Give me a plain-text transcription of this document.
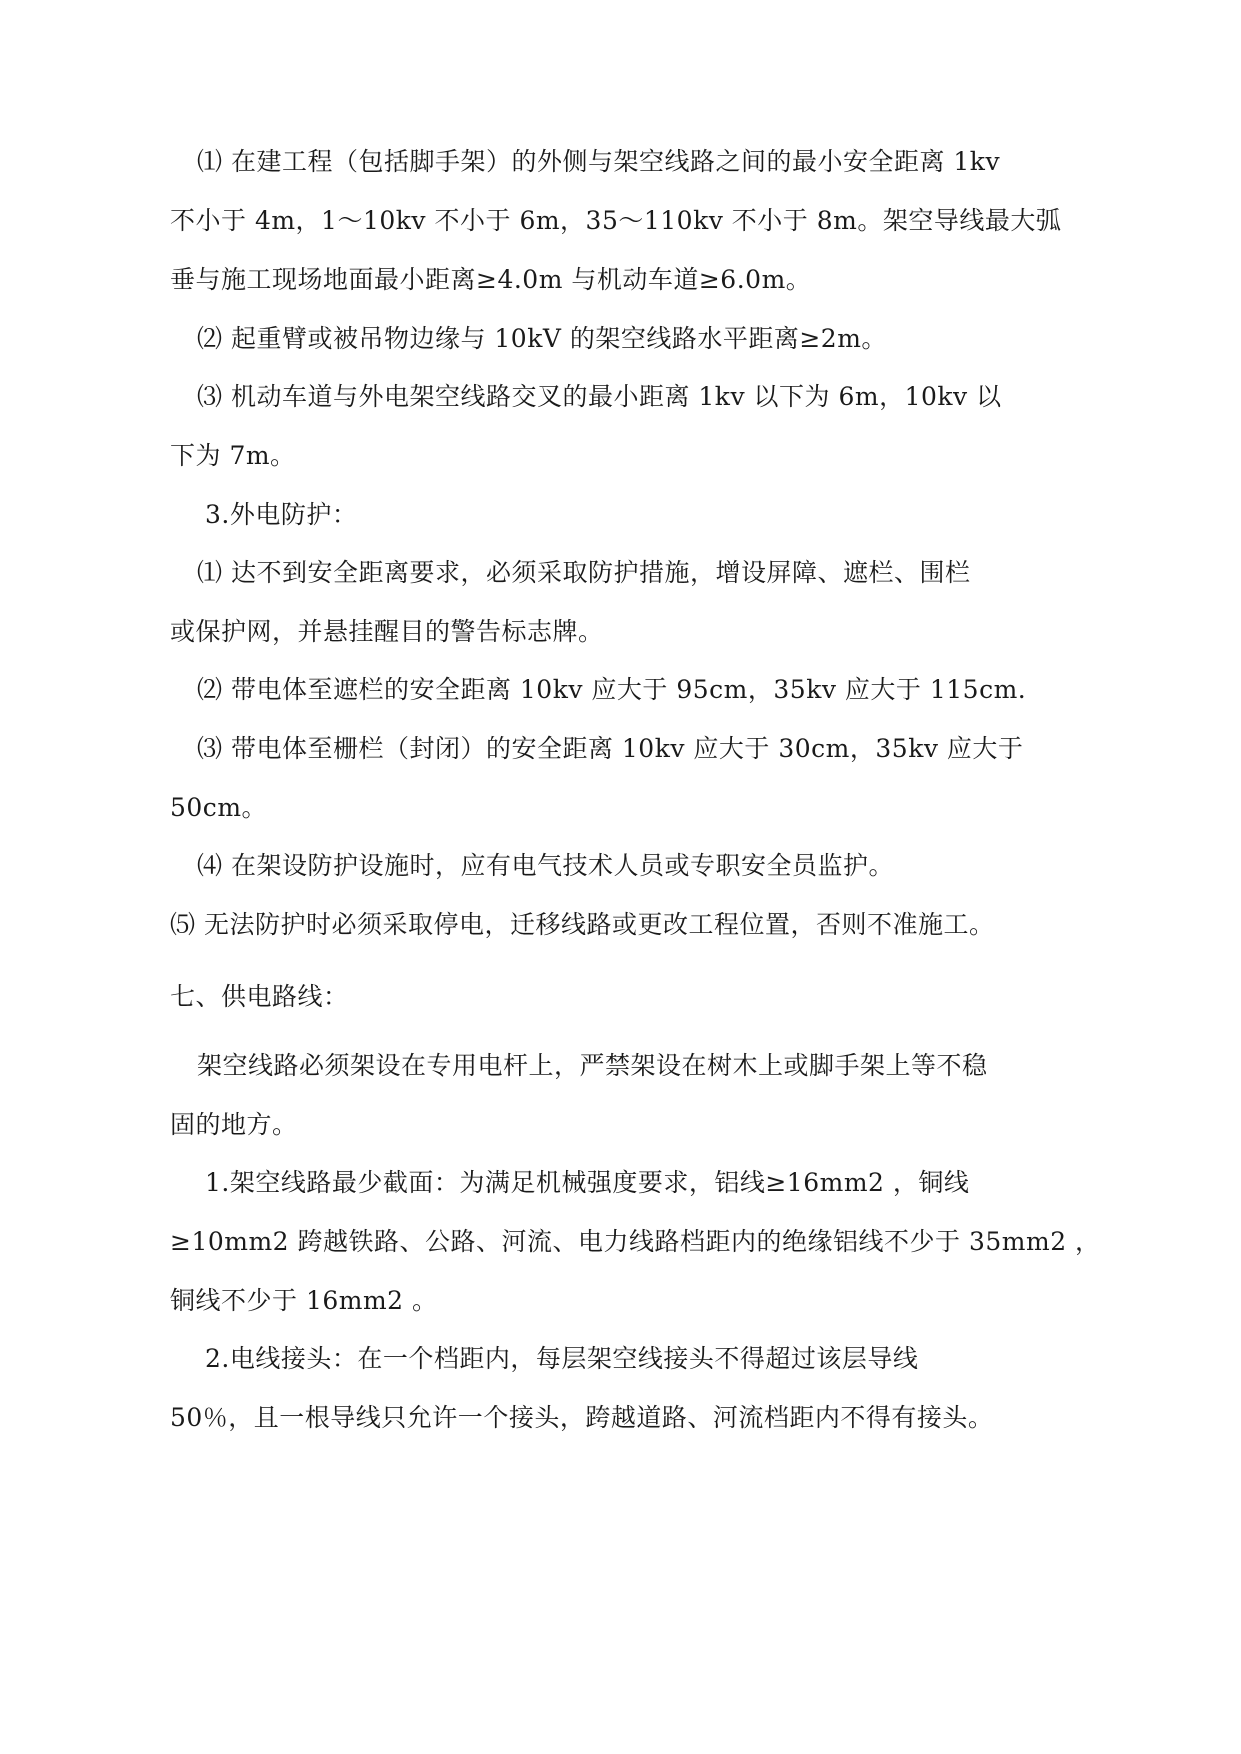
⑴ 在建工程（包括脚手架）的外侧与架空线路之间的最小安全距离 1kv
不小于 4m，1～10kv 不小于 6m，35～110kv 不小于 8m。架空导线最大弧
垂与施工现场地面最小距离≥4.0m 与机动车道≥6.0m。
⑵ 起重臂或被吊物边缘与 10kV 的架空线路水平距离≥2m。
⑶ 机动车道与外电架空线路交叉的最小距离 1kv 以下为 6m，10kv 以
下为 7m。
3.外电防护：
⑴ 达不到安全距离要求，必须采取防护措施，增设屏障、遮栏、围栏
或保护网，并悬挂醒目的警告标志牌。
⑵ 带电体至遮栏的安全距离 10kv 应大于 95cm，35kv 应大于 115cm.
⑶ 带电体至栅栏（封闭）的安全距离 10kv 应大于 30cm，35kv 应大于
50cm。
⑷ 在架设防护设施时，应有电气技术人员或专职安全员监护。
⑸ 无法防护时必须采取停电，迁移线路或更改工程位置，否则不准施工。
七、供电路线：
架空线路必须架设在专用电杆上，严禁架设在树木上或脚手架上等不稳
固的地方。
1.架空线路最少截面：为满足机械强度要求，铝线≥16mm2 ，铜线
≥10mm2 跨越铁路、公路、河流、电力线路档距内的绝缘铝线不少于 35mm2 ，
铜线不少于 16mm2 。
2.电线接头：在一个档距内，每层架空线接头不得超过该层导线
50％，且一根导线只允许一个接头，跨越道路、河流档距内不得有接头。
